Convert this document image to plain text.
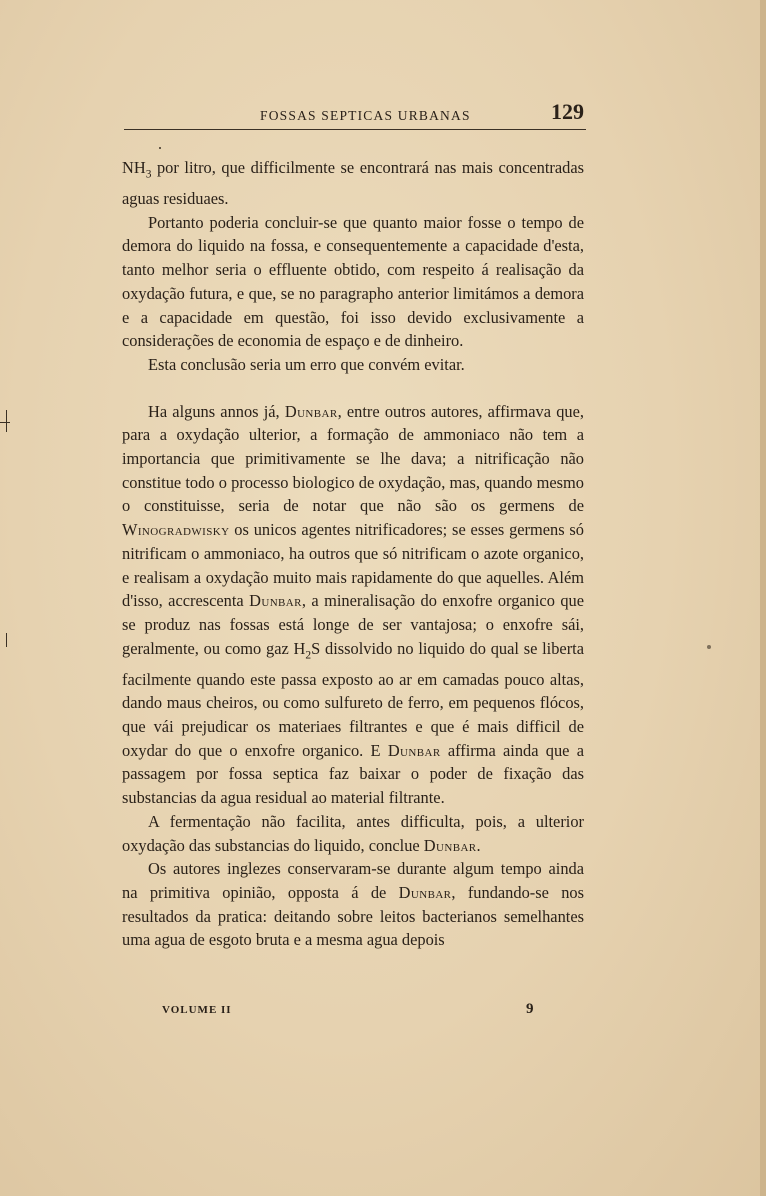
FOSSAS SEPTICAS URBANAS	129

$NH_3$ por litro, que difficilmente se encontrará nas mais concentradas aguas residuaes.

Portanto poderia concluir-se que quanto maior fosse o tempo de demora do liquido na fossa, e consequentemente a capacidade d'esta, tanto melhor seria o effluente obtido, com respeito á realisação da oxydação futura, e que, se no paragrapho anterior limitámos a demora e a capacidade em questão, foi isso devido exclusivamente a considerações de economia de espaço e de dinheiro.

Esta conclusão seria um erro que convém evitar.

Ha alguns annos já, Dunbar, entre outros autores, affirmava que, para a oxydação ulterior, a formação de ammoniaco não tem a importancia que primitivamente se lhe dava; a nitrificação não constitue todo o processo biologico de oxydação, mas, quando mesmo o constituisse, seria de notar que não são os germens de Winogradwisky os unicos agentes nitrificadores; se esses germens só nitrificam o ammoniaco, ha outros que só nitrificam o azote organico, e realisam a oxydação muito mais rapidamente do que aquelles. Além d'isso, accrescenta Dunbar, a mineralisação do enxofre organico que se produz nas fossas está longe de ser vantajosa; o enxofre sái, geralmente, ou como gaz $H_2S$ dissolvido no liquido do qual se liberta facilmente quando este passa exposto ao ar em camadas pouco altas, dando maus cheiros, ou como sulfureto de ferro, em pequenos flócos, que vái prejudicar os materiaes filtrantes e que é mais difficil de oxydar do que o enxofre organico. E Dunbar affirma ainda que a passagem por fossa septica faz baixar o poder de fixação das substancias da agua residual ao material filtrante.

A fermentação não facilita, antes difficulta, pois, a ulterior oxydação das substancias do liquido, conclue Dunbar.

Os autores inglezes conservaram-se durante algum tempo ainda na primitiva opinião, opposta á de Dunbar, fundando-se nos resultados da pratica: deitando sobre leitos bacterianos semelhantes uma agua de esgoto bruta e a mesma agua depois

VOLUME II	9
